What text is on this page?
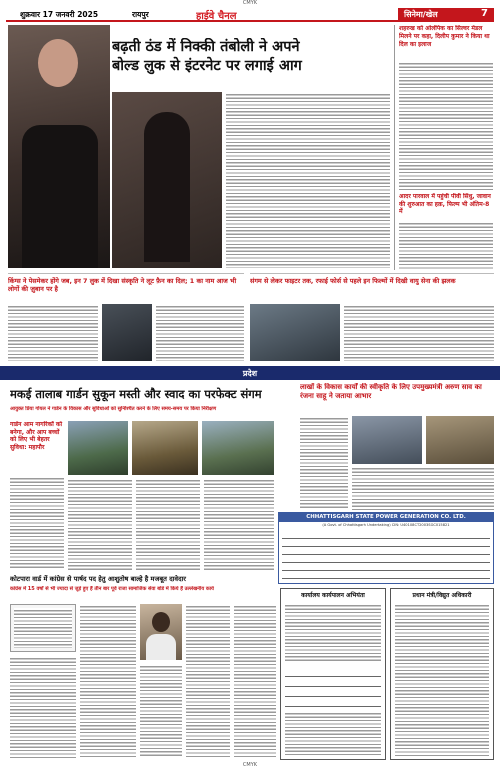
CMYK
शुक्रवार 17 जनवरी 2025	रायपुर	हाईवे चैनल	सिनेमा/खेल	7
बढ़ती ठंड में निक्की तंबोली ने अपने
बोल्ड लुक से इंटरनेट पर लगाई आग
शहरुख को ओलंपिक का सिल्वर मेडल मिलने पर कहा, दिलीप कुमार ने किया था दिल का इलाज
आदर पारवाल में पहुंची पीवी सिंधु, जावान की शुरुआत का हक़, फिल्म भी अंतिम-8 में
किंग्स ने पेसमेकर होंगे जब, इन 7 लुक में दिखा संस्कृति ने लूट फ़ैन का दिल; 1 का नाम आज भी लोगों की ज़ुबान पर है
संगम से लेकर फाइटर तक, रफाई फोर्स से पहले इन फिल्मों में दिखी वायु सेना की झलक
प्रदेश
मकई तालाब गार्डन सुकून मस्ती और स्वाद का परफेक्ट संगम
आयुक्त प्रिया गोयल ने गार्डन के विकास और सुविधाओं को सुनिश्चित करने के लिए समय-समय पर किया निरीक्षण
गार्डन आम नागरिकों को बनेगा, और आप बच्चों को लिए भी बेहतर सुविधा: महापौर
लाखों के विकास कार्यों की स्वीकृति के लिए उपमुख्यमंत्री अरुण साव का रंजना साहू ने जताया आभार
CHHATTISGARH STATE POWER GENERATION CO. LTD.
(A Govt. of Chhattisgarh Undertaking) CIN: U40108CT2003SGC015821
कोटपारा वार्ड में कांग्रेस से पार्षद पद हेतु आशुतोष बाल्हे है मजबूत दावेदार
कांग्रेस में 15 वर्षों से भी ज्यादा से जुड़े हुए हैं तीन बार पूर्व राजा सामाजिक सेवा बोर्ड में किये हैं उल्लेखनीय कार्य
कार्यालय कार्यपालन अभियंता	प्रधान मंत्री/विद्युत अधिकारी
CMYK
